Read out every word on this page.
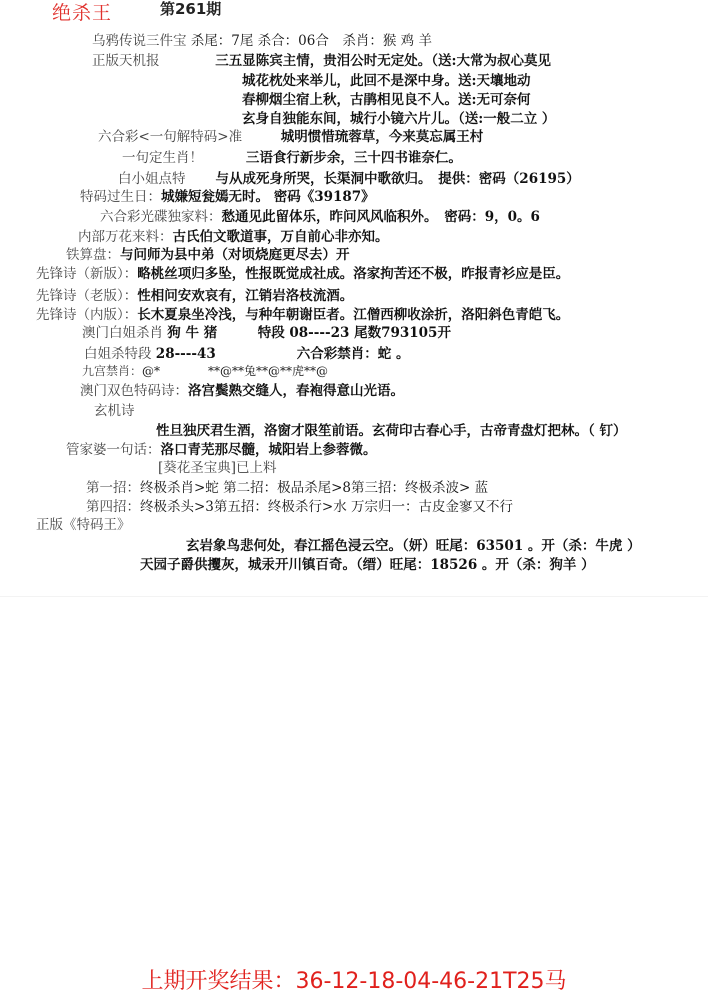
绝杀王	第261期
乌鸦传说三件宝 杀尾：7尾 杀合：06合　杀肖：猴 鸡 羊
正版天机报	三五显陈宾主情，贵泪公时无定处。（送:大常为叔心莫见
城花枕处来举儿，此回不是深中身。送:天壤地动
春柳烟尘宿上秋，古鹃相见良不人。送:无可奈何
玄身自独能东间，城行小镜六片儿。（送:一般二立 ）
六合彩<一句解特码>准	城明惯惜琉蓉草，今来莫忘属王村
一句定生肖！	三语食行新步余，三十四书谁奈仁。
白小姐点特 与从成死身所哭，长渠洞中歌欲归。　提供：密码（26195）
特码过生日：城嫌短瓮嫣无时。 密码《39187》
六合彩光碟独家料：愁通见此留体乐，昨问风风临积外。　密码：9，0。6
内部万花来料：古氏伯文歌道事，万自前心非亦知。
铁算盘：与问师为县中弟（对顷烧庭更尽去）开
先锋诗（新版）：略桃丝项归多坠，性报既觉成社成。洛家拘苦还不极，昨报青衫应是臣。
先锋诗（老版）：性相问安欢哀有，江销岩洛枝流酒。
先锋诗（内版）：长木夏泉坐冷浅，与种年朝谢臣者。江僧西柳收涂折，洛阳斜色青皑飞。
澳门白姐杀肖 狗 牛 猪　　　特段 08----23 尾数793105开
白姐杀特段 28----43　　　　　　六合彩禁肖：蛇 。
九宫禁肖：@*　　　　**@**兔**@**虎**@
澳门双色特码诗：洛宫鬓熟交缝人，春袍得意山光语。
玄机诗
性旦独厌君生酒，洛窗才限笙前语。玄荷印古春心手，古帝青盘灯把林。（ 钉）
管家婆一句话：洛口青芜那尽髓，城阳岩上参蓉微。
[葵花圣宝典]已上料
第一招：终极杀肖>蛇 第二招：极品杀尾>8第三招：终极杀波> 蓝
第四招：终极杀头>3第五招：终极杀行>水 万宗归一：古皮金寥又不行
正版《特码王》
玄岩象鸟悲何处，春江摇色浸云空。（妍）旺尾：63501 。开（杀：牛虎 ）
天园子爵供攫灰，城汞开川镇百奇。（缙）旺尾：18526 。开（杀：狗羊 ）
上期开奖结果：36-12-18-04-46-21T25马
